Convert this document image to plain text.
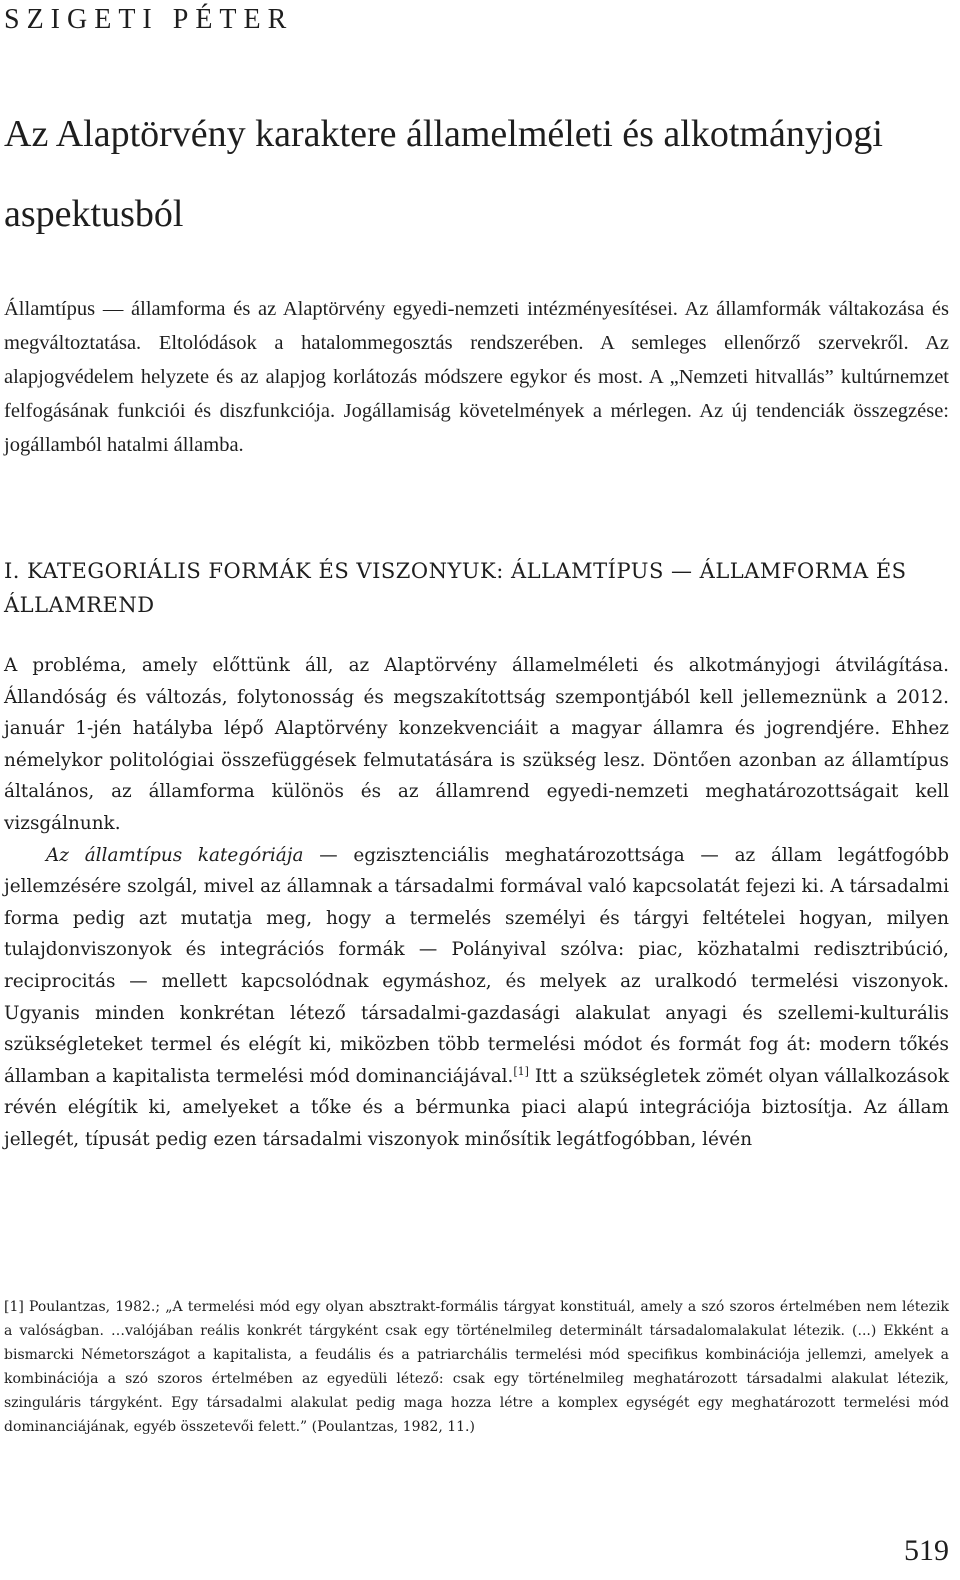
SZIGETI PÉTER
Az Alaptörvény karaktere államelméleti és alkotmányjogi aspektusból

Államtípus — államforma és az Alaptörvény egyedi-nemzeti intézményesítései. Az államformák váltakozása és megváltoztatása. Eltolódások a hatalommegosztás rendszerében. A semleges ellenőrző szervekről. Az alapjogvédelem helyzete és az alapjog korlátozás módszere egykor és most. A „Nemzeti hitvallás” kultúrnemzet felfogásának funkciói és diszfunkciója. Jogállamiság követelmények a mérlegen. Az új tendenciák összegzése: jogállamból hatalmi államba.

I. KATEGORIÁLIS FORMÁK ÉS VISZONYUK: ÁLLAMTÍPUS — ÁLLAMFORMA ÉS ÁLLAMREND

A probléma, amely előttünk áll, az Alaptörvény államelméleti és alkotmányjogi átvilágítása. Állandóság és változás, folytonosság és megszakítottság szempontjából kell jellemeznünk a 2012. január 1-jén hatályba lépő Alaptörvény konzekvenciáit a magyar államra és jogrendjére. Ehhez némelykor politológiai összefüggések felmutatására is szükség lesz. Döntően azonban az államtípus általános, az államforma különös és az államrend egyedi-nemzeti meghatározottságait kell vizsgálnunk.

Az államtípus kategóriája — egzisztenciális meghatározottsága — az állam legátfogóbb jellemzésére szolgál, mivel az államnak a társadalmi formával való kapcsolatát fejezi ki. A társadalmi forma pedig azt mutatja meg, hogy a termelés személyi és tárgyi feltételei hogyan, milyen tulajdonviszonyok és integrációs formák — Polányival szólva: piac, közhatalmi redisztribúció, reciprocitás — mellett kapcsolódnak egymáshoz, és melyek az uralkodó termelési viszonyok. Ugyanis minden konkrétan létező társadalmi-gazdasági alakulat anyagi és szellemi-kulturális szükségleteket termel és elégít ki, miközben több termelési módot és formát fog át: modern tőkés államban a kapitalista termelési mód dominanciájával.[1] Itt a szükségletek zömét olyan vállalkozások révén elégítik ki, amelyeket a tőke és a bérmunka piaci alapú integrációja biztosítja. Az állam jellegét, típusát pedig ezen társadalmi viszonyok minősítik legátfogóbban, lévén

[1] Poulantzas, 1982.; „A termelési mód egy olyan absztrakt-formális tárgyat konstituál, amely a szó szoros értelmében nem létezik a valóságban. …valójában reális konkrét tárgyként csak egy történelmileg determinált társadalomalakulat létezik. (...) Ekként a bismarcki Németországot a kapitalista, a feudális és a patriarchális termelési mód specifikus kombinációja jellemzi, amelyek a kombinációja a szó szoros értelmében az egyedüli létező: csak egy történelmileg meghatározott társadalmi alakulat létezik, szinguláris tárgyként. Egy társadalmi alakulat pedig maga hozza létre a komplex egységét egy meghatározott termelési mód dominanciájának, egyéb összetevői felett.” (Poulantzas, 1982, 11.)

519
